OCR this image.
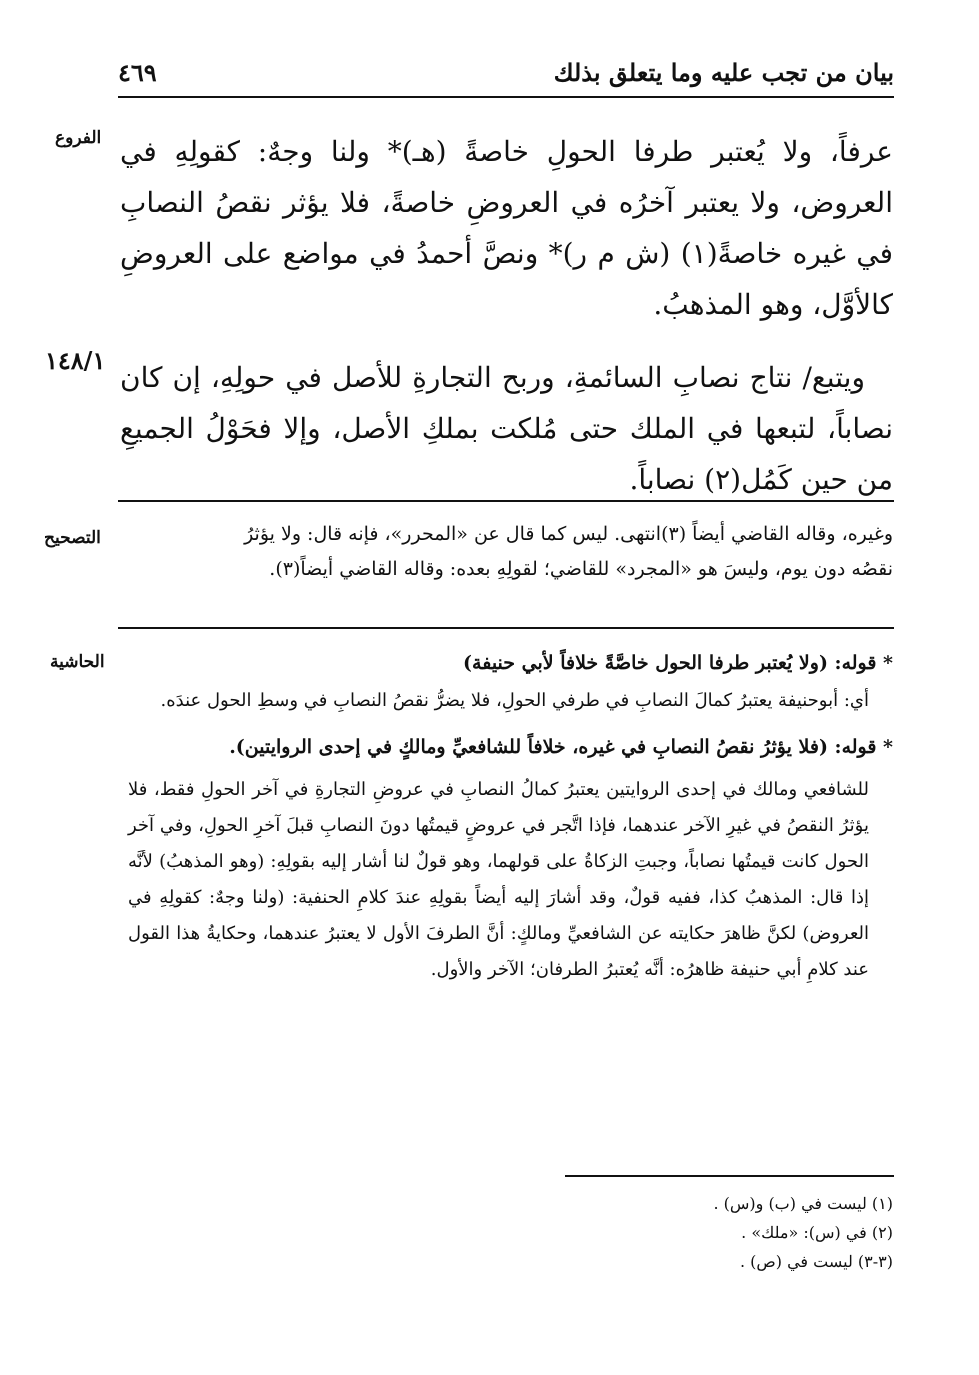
بيان من تجب عليه وما يتعلق بذلك
٤٦٩
الفروع
١٤٨/١
التصحيح
الحاشية

عرفاً، ولا يُعتبر طرفا الحولِ خاصةً (هـ)* ولنا وجهٌ: كقولِهِ في العروض، ولا يعتبر آخرُه في العروضِ خاصةً، فلا يؤثر نقصُ النصابِ في غيره خاصةً(١) (ش م ر)* ونصَّ أحمدُ في مواضع على العروضِ كالأوَّل، وهو المذهبُ.

ويتبع/ نتاج نصابِ السائمةِ، وربح التجارةِ للأصل في حولِهِ، إن كان نصاباً، لتبعها في الملك حتى مُلكت بملكِ الأصل، وإلا فحَوْلُ الجميعِ من حين كَمُل(٢) نصاباً.

وغيره، وقاله القاضي أيضاً (٣)انتهى. ليس كما قال عن «المحرر»، فإنه قال: ولا يؤثرُ

نقصُه دون يوم، وليسَ هو «المجرد» للقاضي؛ لقولِهِ بعده: وقاله القاضي أيضاً(٣).

* قوله: (ولا يُعتبر طرفا الحول خاصَّةً خلافاً لأبي حنيفة)

أي: أبوحنيفة يعتبرُ كمالَ النصابِ في طرفي الحولِ، فلا يضرُّ نقصُ النصابِ في وسطِ الحول عندَه.

* قوله: (فلا يؤثرُ نقصُ النصابِ في غيره، خلافاً للشافعيِّ ومالكٍ في إحدى الروايتين).

للشافعي ومالك في إحدى الروايتين يعتبرُ كمالُ النصابِ في عروضِ التجارةِ في آخر الحولِ فقط، فلا يؤثرُ النقصُ في غيرِ الآخر عندهما، فإذا اتَّجر في عروضٍ قيمتُها دونَ النصابِ قبلَ آخرِ الحولِ، وفي آخر الحول كانت قيمتُها نصاباً، وجبتِ الزكاةُ على قولهما، وهو قولٌ لنا أشار إليه بقولِهِ: (وهو المذهبُ) لأنَّه إذا قال: المذهبُ كذا، ففيه قولٌ، وقد أشارَ إليه أيضاً بقولِهِ عندَ كلامِ الحنفية: (ولنا وجهٌ: كقولِهِ في العروض) لكنَّ ظاهرَ حكايته عن الشافعيِّ ومالكٍ: أنَّ الطرفَ الأول لا يعتبرُ عندهما، وحكايةُ هذا القول عند كلامِ أبي حنيفة ظاهرُه: أنَّه يُعتبرُ الطرفان؛ الآخر والأول.

(١) ليست في (ب) و(س) .
(٢) في (س): «ملك» .
(٣-٣) ليست في (ص) .
